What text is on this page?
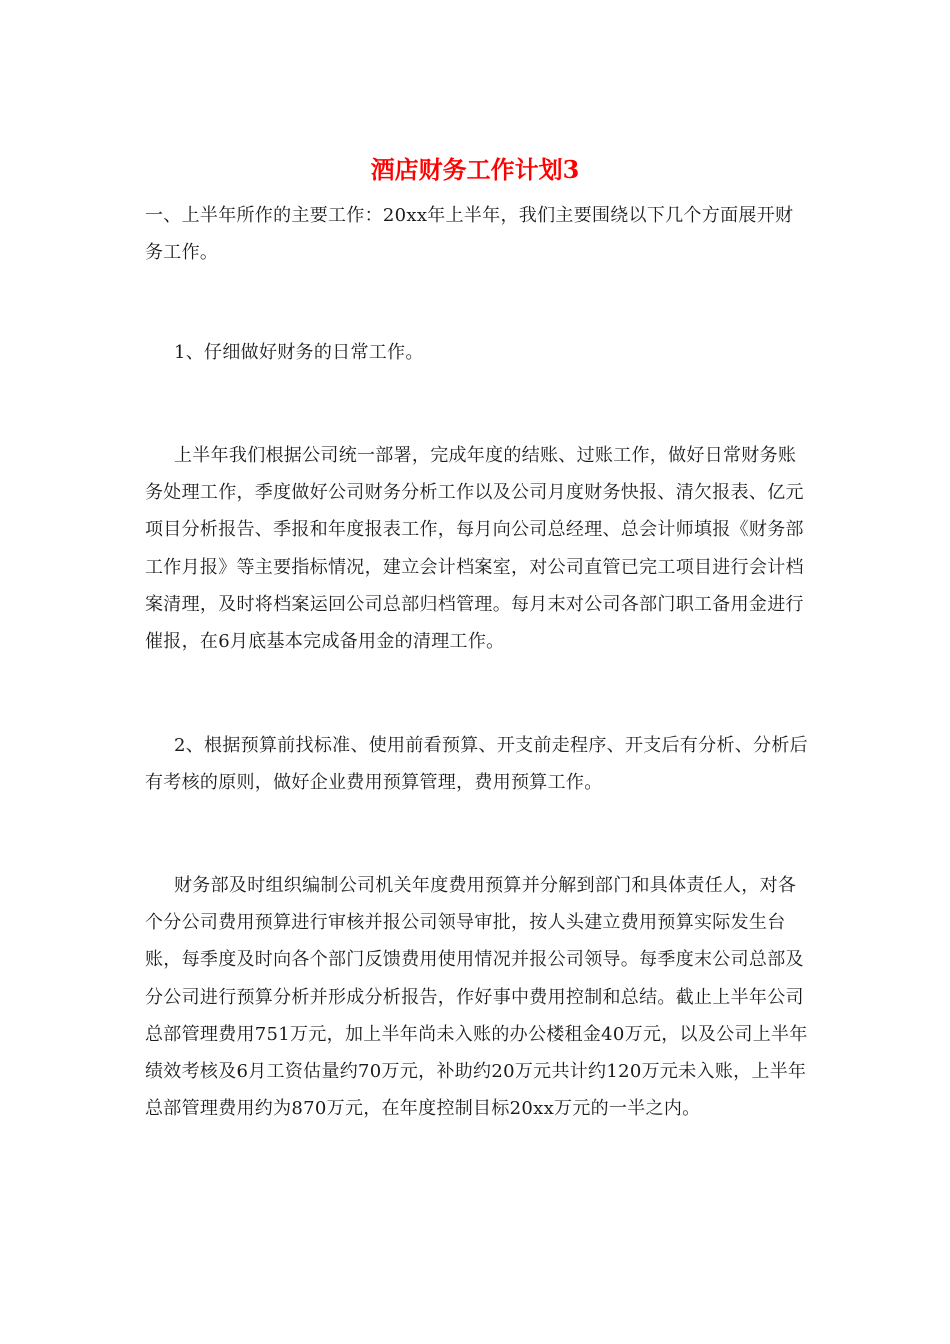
酒店财务工作计划3

一、上半年所作的主要工作：20xx年上半年，我们主要围绕以下几个方面展开财务工作。

1、仔细做好财务的日常工作。

上半年我们根据公司统一部署，完成年度的结账、过账工作，做好日常财务账务处理工作，季度做好公司财务分析工作以及公司月度财务快报、清欠报表、亿元项目分析报告、季报和年度报表工作，每月向公司总经理、总会计师填报《财务部工作月报》等主要指标情况，建立会计档案室，对公司直管已完工项目进行会计档案清理，及时将档案运回公司总部归档管理。每月末对公司各部门职工备用金进行催报，在6月底基本完成备用金的清理工作。

2、根据预算前找标准、使用前看预算、开支前走程序、开支后有分析、分析后有考核的原则，做好企业费用预算管理，费用预算工作。

财务部及时组织编制公司机关年度费用预算并分解到部门和具体责任人，对各个分公司费用预算进行审核并报公司领导审批，按人头建立费用预算实际发生台账，每季度及时向各个部门反馈费用使用情况并报公司领导。每季度末公司总部及分公司进行预算分析并形成分析报告，作好事中费用控制和总结。截止上半年公司总部管理费用751万元，加上半年尚未入账的办公楼租金40万元，以及公司上半年绩效考核及6月工资估量约70万元，补助约20万元共计约120万元未入账，上半年总部管理费用约为870万元，在年度控制目标20xx万元的一半之内。
